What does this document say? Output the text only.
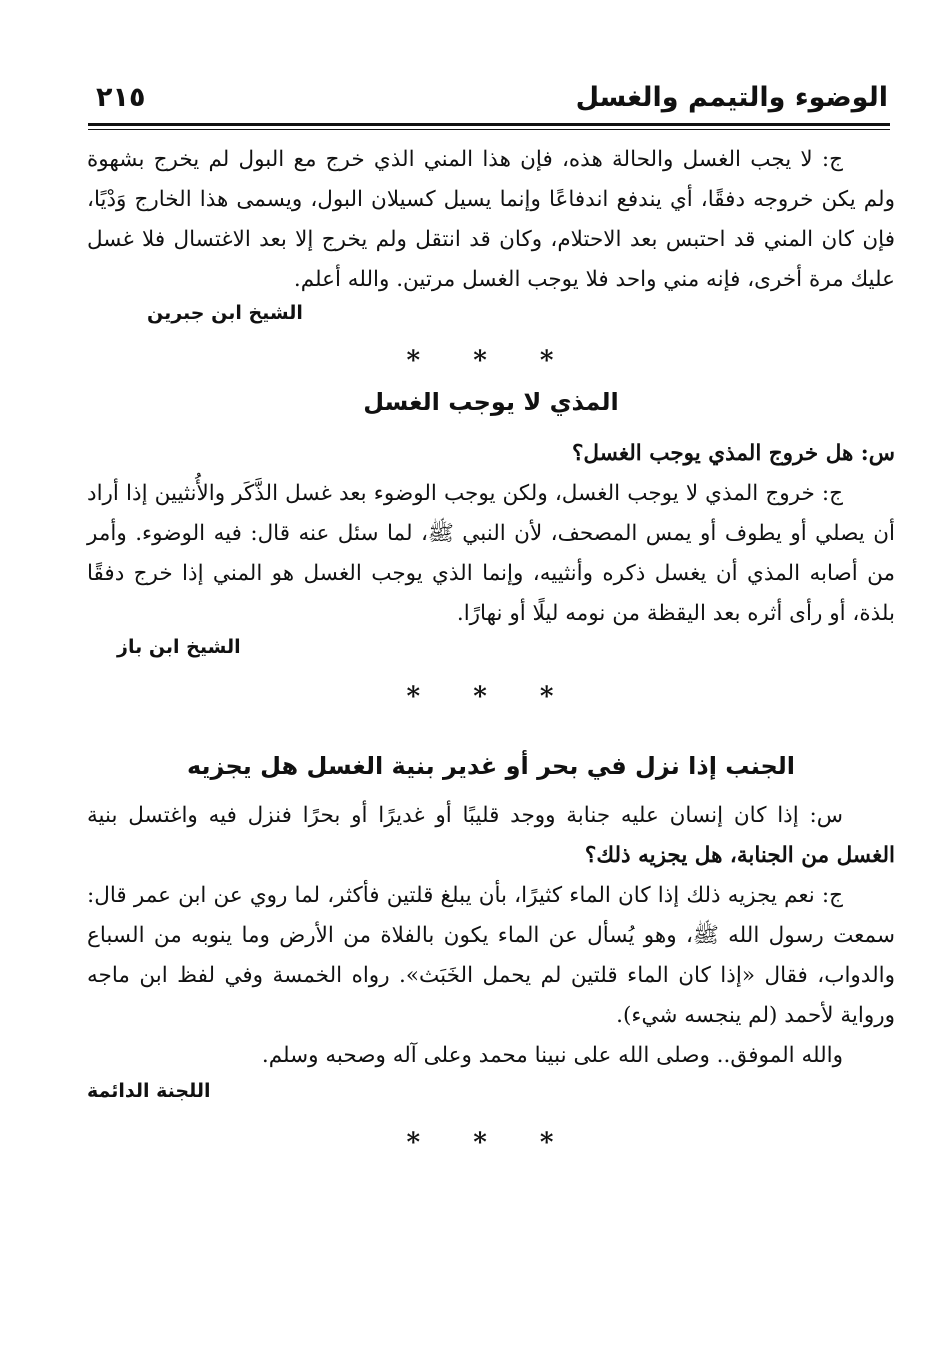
الوضوء والتيمم والغسل
٢١٥

ج: لا يجب الغسل والحالة هذه، فإن هذا المني الذي خرج مع البول لم يخرج بشهوة ولم يكن خروجه دفقًا، أي يندفع اندفاعًا وإنما يسيل كسيلان البول، ويسمى هذا الخارج وَدْيًا، فإن كان المني قد احتبس بعد الاحتلام، وكان قد انتقل ولم يخرج إلا بعد الاغتسال فلا غسل عليك مرة أخرى، فإنه مني واحد فلا يوجب الغسل مرتين. والله أعلم.

الشيخ ابن جبرين

* * *

المذي لا يوجب الغسل

س: هل خروج المذي يوجب الغسل؟

ج: خروج المذي لا يوجب الغسل، ولكن يوجب الوضوء بعد غسل الذَّكَر والأُنثيين إذا أراد أن يصلي أو يطوف أو يمس المصحف، لأن النبي ﷺ، لما سئل عنه قال: فيه الوضوء. وأمر من أصابه المذي أن يغسل ذكره وأنثييه، وإنما الذي يوجب الغسل هو المني إذا خرج دفقًا بلذة، أو رأى أثره بعد اليقظة من نومه ليلًا أو نهارًا.

الشيخ ابن باز

* * *

الجنب إذا نزل في بحر أو غدير بنية الغسل هل يجزيه

س: إذا كان إنسان عليه جنابة ووجد قليبًا أو غديرًا أو بحرًا فنزل فيه واغتسل بنية الغسل من الجنابة، هل يجزيه ذلك؟

ج: نعم يجزيه ذلك إذا كان الماء كثيرًا، بأن يبلغ قلتين فأكثر، لما روي عن ابن عمر قال: سمعت رسول الله ﷺ، وهو يُسأل عن الماء يكون بالفلاة من الأرض وما ينوبه من السباع والدواب، فقال «إذا كان الماء قلتين لم يحمل الخَبَث». رواه الخمسة وفي لفظ ابن ماجه ورواية لأحمد (لم ينجسه شيء).

والله الموفق.. وصلى الله على نبينا محمد وعلى آله وصحبه وسلم.

اللجنة الدائمة

* * *
